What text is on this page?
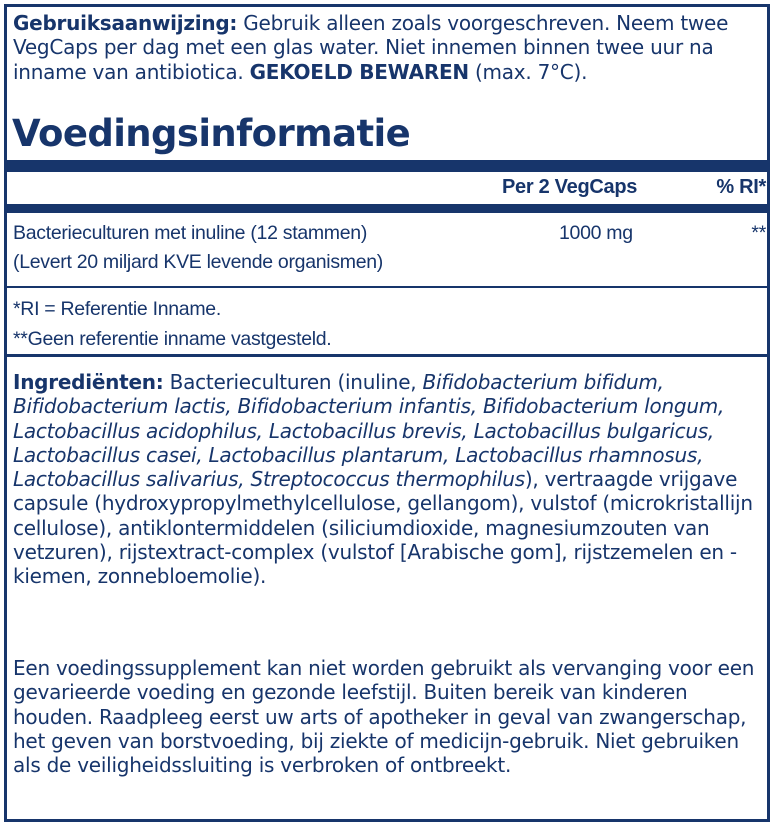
Gebruiksaanwijzing: Gebruik alleen zoals voorgeschreven. Neem twee VegCaps per dag met een glas water. Niet innemen binnen twee uur na inname van antibiotica. GEKOELD BEWAREN (max. 7°C).
Voedingsinformatie
Per 2 VegCaps	% RI*
Bacterieculturen met inuline (12 stammen)
(Levert 20 miljard KVE levende organismen)
1000 mg	**
*RI = Referentie Inname.
**Geen referentie inname vastgesteld.
Ingrediënten: Bacterieculturen (inuline, Bifidobacterium bifidum, Bifidobacterium lactis, Bifidobacterium infantis, Bifidobacterium longum, Lactobacillus acidophilus, Lactobacillus brevis, Lactobacillus bulgaricus, Lactobacillus casei, Lactobacillus plantarum, Lactobacillus rhamnosus, Lactobacillus salivarius, Streptococcus thermophilus), vertraagde vrijgave capsule (hydroxypropylmethylcellulose, gellangom), vulstof (microkristallijn cellulose), antiklontermiddelen (siliciumdioxide, magnesiumzouten van vetzuren), rijstextract-complex (vulstof [Arabische gom], rijstzemelen en -kiemen, zonnebloemolie).
Een voedingssupplement kan niet worden gebruikt als vervanging voor een gevarieerde voeding en gezonde leefstijl. Buiten bereik van kinderen houden. Raadpleeg eerst uw arts of apotheker in geval van zwangerschap, het geven van borstvoeding, bij ziekte of medicijn-gebruik. Niet gebruiken als de veiligheidssluiting is verbroken of ontbreekt.
